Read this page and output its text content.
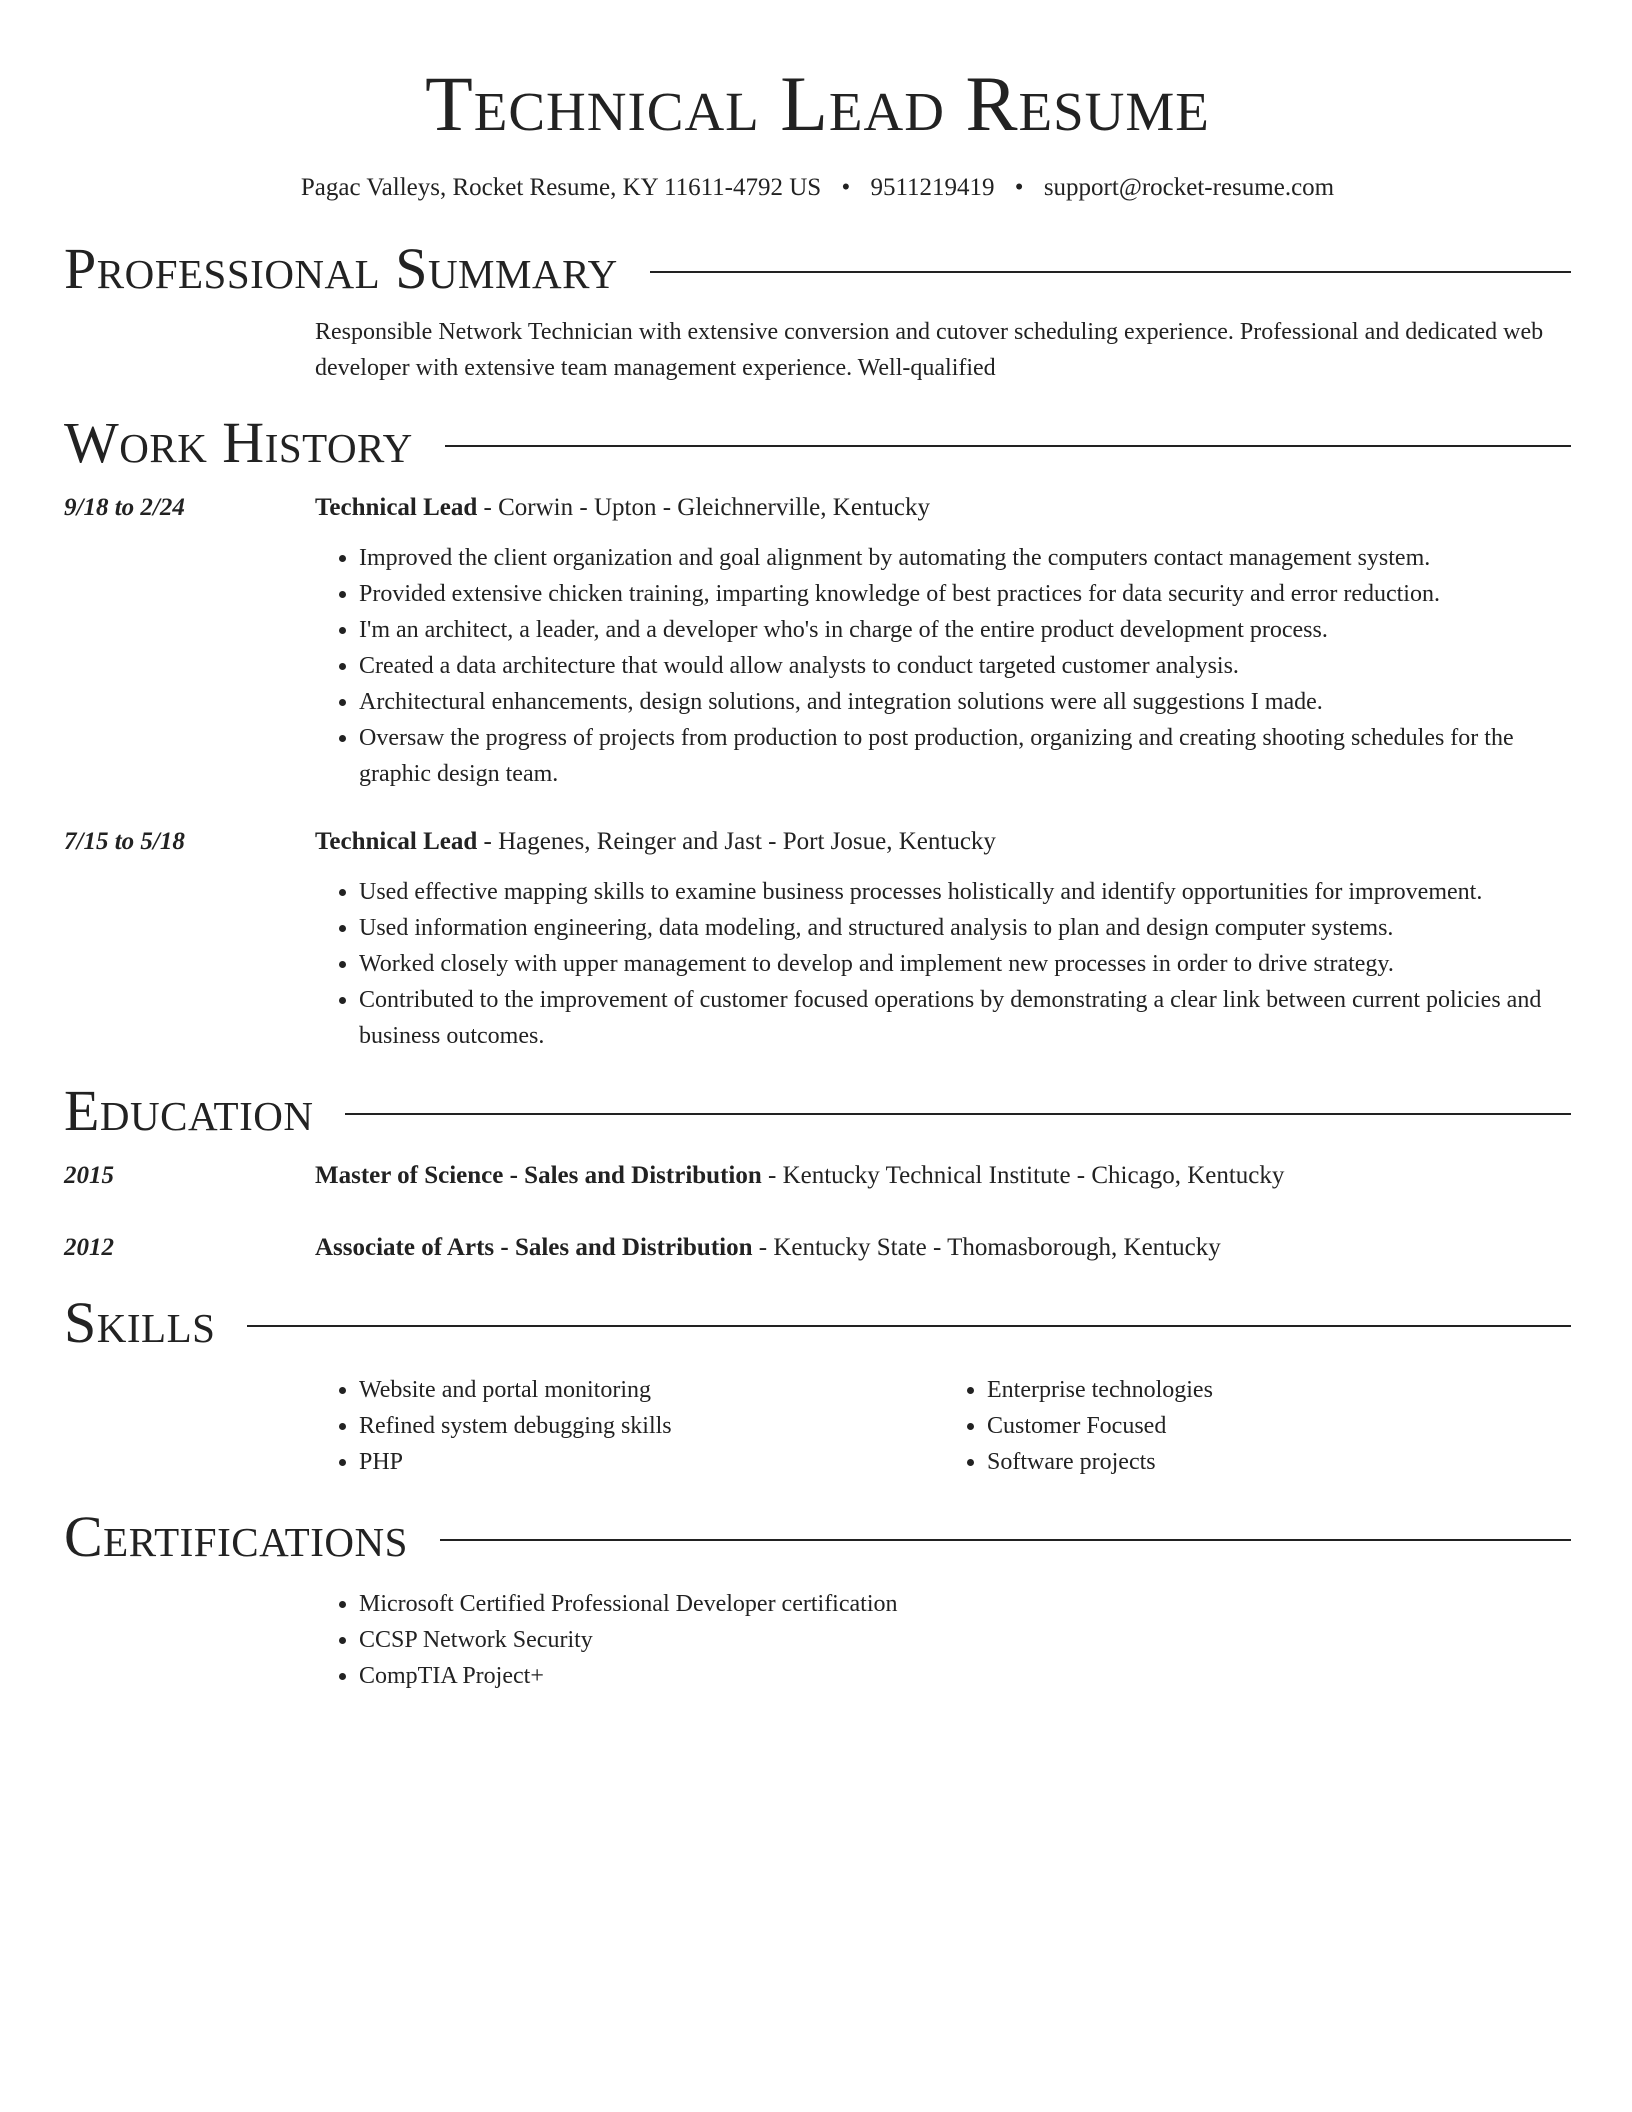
Technical Lead Resume
Pagac Valleys, Rocket Resume, KY 11611-4792 US • 9511219419 • support@rocket-resume.com
Professional Summary
Responsible Network Technician with extensive conversion and cutover scheduling experience. Professional and dedicated web developer with extensive team management experience. Well-qualified
Work History
9/18 to 2/24	Technical Lead - Corwin - Upton - Gleichnerville, Kentucky
• Improved the client organization and goal alignment by automating the computers contact management system.
• Provided extensive chicken training, imparting knowledge of best practices for data security and error reduction.
• I'm an architect, a leader, and a developer who's in charge of the entire product development process.
• Created a data architecture that would allow analysts to conduct targeted customer analysis.
• Architectural enhancements, design solutions, and integration solutions were all suggestions I made.
• Oversaw the progress of projects from production to post production, organizing and creating shooting schedules for the graphic design team.
7/15 to 5/18	Technical Lead - Hagenes, Reinger and Jast - Port Josue, Kentucky
• Used effective mapping skills to examine business processes holistically and identify opportunities for improvement.
• Used information engineering, data modeling, and structured analysis to plan and design computer systems.
• Worked closely with upper management to develop and implement new processes in order to drive strategy.
• Contributed to the improvement of customer focused operations by demonstrating a clear link between current policies and business outcomes.
Education
2015	Master of Science - Sales and Distribution - Kentucky Technical Institute - Chicago, Kentucky
2012	Associate of Arts - Sales and Distribution - Kentucky State - Thomasborough, Kentucky
Skills
• Website and portal monitoring
• Refined system debugging skills
• PHP
• Enterprise technologies
• Customer Focused
• Software projects
Certifications
• Microsoft Certified Professional Developer certification
• CCSP Network Security
• CompTIA Project+
